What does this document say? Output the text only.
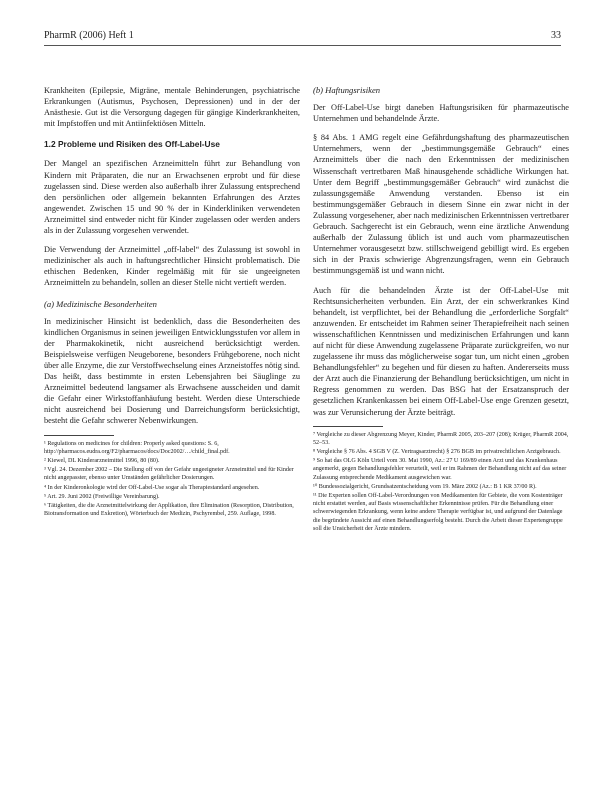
PharmR (2006) Heft 1	33

Krankheiten (Epilepsie, Migräne, mentale Behinderungen, psychiatrische Erkrankungen (Autismus, Psychosen, Depressionen) und in der der Anästhesie. Gut ist die Versorgung dagegen für gängige Kinderkrankheiten, mit Impfstoffen und mit Antiinfektiösen Mitteln.

1.2 Probleme und Risiken des Off-Label-Use

Der Mangel an spezifischen Arzneimitteln führt zur Behandlung von Kindern mit Präparaten, die nur an Erwachsenen erprobt und für diese zugelassen sind. Diese werden also außerhalb ihrer Zulassung entsprechend den persönlichen oder allgemein bekannten Erfahrungen des Arztes angewendet. Zwischen 15 und 90 % der in Kinderkliniken verwendeten Arzneimittel sind entweder nicht für Kinder zugelassen oder werden anders als in der Zulassung vorgesehen verwendet.

Die Verwendung der Arzneimittel „off-label“ des Zulassung ist sowohl in medizinischer als auch in haftungsrechtlicher Hinsicht problematisch. Die ethischen Bedenken, Kinder regelmäßig mit für sie ungeeigneten Arzneimitteln zu behandeln, sollen an dieser Stelle nicht vertieft werden.

(a) Medizinische Besonderheiten

In medizinischer Hinsicht ist bedenklich, dass die Besonderheiten des kindlichen Organismus in seinen jeweiligen Entwicklungsstufen vor allem in der Pharmakokinetik, nicht ausreichend berücksichtigt werden. Beispielsweise verfügen Neugeborene, besonders Frühgeborene, noch nicht über alle Enzyme, die zur Verstoffwechselung eines Arzneistoffes nötig sind. Das heißt, dass bestimmte in ersten Lebensjahren bei Säuglinge zu Arzneimittel bedeutend langsamer als Erwachsene ausscheiden und damit die Gefahr einer Wirkstoffanhäufung besteht. Werden diese Unterschiede nicht ausreichend bei Dosierung und Darreichungsform berücksichtigt, besteht die Gefahr schwerer Nebenwirkungen.

¹ Regulations on medicines for children: Properly asked questions: S. 6, http://pharmacos.eudra.org/F2/pharmacos/docs/Doc2002/…/child_final.pdf.
² Kiewel, DL Kinderarzneimittel 1996, 80 (80).
³ Vgl. 24. Dezember 2002 – Die Stellung off von der Gefahr ungeeigneter Arzneimittel und für Kinder nicht angepasster, ebenso unter Umständen gefährlicher Dosierungen.
⁴ In der Kinderonkologie wird der Off-Label-Use sogar als Therapiestandard angesehen.
⁵ Art. 29. Juni 2002 (Freiwillige Vereinbarung).
⁶ Tätigkeiten, die die Arzneimittelwirkung der Applikation, ihre Elimination (Resorption, Distribution, Biotransformation und Exkretion), Wörterbuch der Medizin, Pschyrembel, 259. Auflage, 1998.
(b) Haftungsrisiken

Der Off-Label-Use birgt daneben Haftungsrisiken für pharmazeutische Unternehmen und behandelnde Ärzte.

§ 84 Abs. 1 AMG regelt eine Gefährdungshaftung des pharmazeutischen Unternehmers, wenn der „bestimmungsgemäße Gebrauch“ eines Arzneimittels über die nach den Erkenntnissen der medizinischen Wissenschaft vertretbaren Maß hinausgehende schädliche Wirkungen hat. Unter dem Begriff „bestimmungsgemäßer Gebrauch“ wird zunächst die zulassungsgemäße Anwendung verstanden. Ebenso ist ein bestimmungsgemäßer Gebrauch in diesem Sinne ein zwar nicht in der Zulassung vorgesehener, aber nach medizinischen Erkenntnissen vertretbarer Gebrauch. Sachgerecht ist ein Gebrauch, wenn eine ärztliche Anwendung außerhalb der Zulassung üblich ist und auch vom pharmazeutischen Unternehmer vorausgesetzt bzw. stillschweigend gebilligt wird. Es ergeben sich in der Praxis schwierige Abgrenzungsfragen, wenn ein Gebrauch bestimmungsgemäß ist und wann nicht.

Auch für die behandelnden Ärzte ist der Off-Label-Use mit Rechtsunsicherheiten verbunden. Ein Arzt, der ein schwerkrankes Kind behandelt, ist verpflichtet, bei der Behandlung die „erforderliche Sorgfalt“ anzuwenden. Er entscheidet im Rahmen seiner Therapiefreiheit nach seinen wissenschaftlichen Kenntnissen und medizinischen Erfahrungen und kann auf nicht für diese Anwendung zugelassene Präparate zurückgreifen, wo nur zugelassene ihr muss das möglicherweise sogar tun, um nicht einen „groben Behandlungsfehler“ zu begehen und für diesen zu haften. Andererseits muss der Arzt auch die Finanzierung der Behandlung berücksichtigen, um nicht in Regress genommen zu werden. Das BSG hat der Ersatzanspruch der gesetzlichen Krankenkassen bei einem Off-Label-Use enge Grenzen gesetzt, was zur Verunsicherung der Ärzte beiträgt.

⁷ Vergleiche zu dieser Abgrenzung Meyer, Kinder, PharmR 2005, 203–207 (208); Krüger, PharmR 2004, 52–53.
⁸ Vergleiche § 76 Abs. 4 SGB V (Z. Vertragsarztrecht) § 276 BGB im privatrechtlichen Arztgebrauch.
⁹ So hat das OLG Köln Urteil vom 30. Mai 1990, Az.: 27 U 169/89 einen Arzt und das Krankenhaus angemerkt, gegen Behandlungsfehler verurteilt, weil er im Rahmen der Behandlung nicht auf das seiner Zulassung entsprechende Medikament ausgewichen war.
¹⁰ Bundessozialgericht, Grundsatzentscheidung vom 19. März 2002 (Az.: B 1 KR 37/00 R).
¹¹ Die Experten sollen Off-Label-Verordnungen von Medikamenten für Gebiete, die vom Kostenträger nicht erstattet werden, auf Basis wissenschaftlicher Erkenntnisse prüfen. Für die Behandlung einer schwerwiegenden Erkrankung, wenn keine andere Therapie verfügbar ist, und aufgrund der Datenlage die begründete Aussicht auf einen Behandlungserfolg besteht. Durch die Arbeit dieser Expertengruppe soll die Unsicherheit der Ärzte mindern.
